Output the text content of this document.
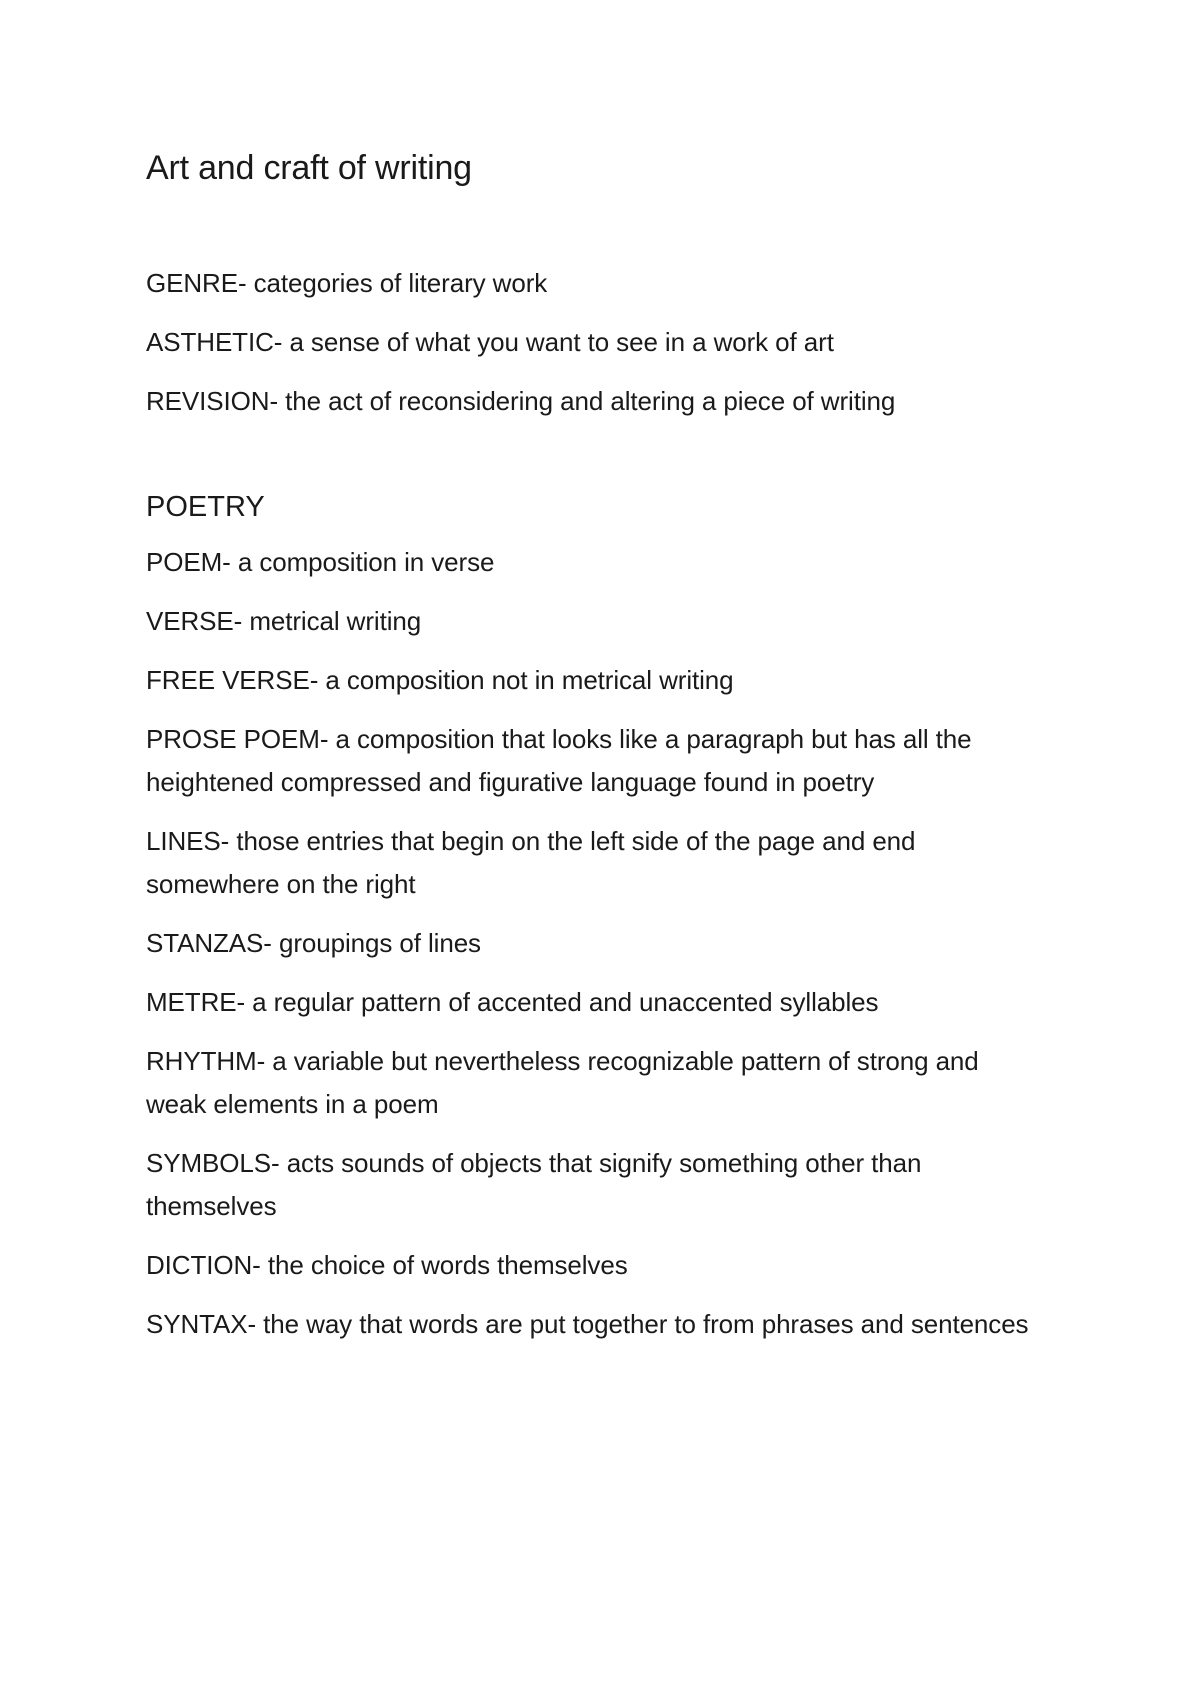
Art and craft of writing

GENRE- categories of literary work

ASTHETIC- a sense of what you want to see in a work of art

REVISION- the act of reconsidering and altering a piece of writing

POETRY

POEM- a composition in verse

VERSE- metrical writing

FREE VERSE- a composition not in metrical writing

PROSE POEM- a composition that looks like a paragraph but has all the heightened compressed and figurative language found in poetry

LINES- those entries that begin on the left side of the page and end somewhere on the right

STANZAS- groupings of lines

METRE- a regular pattern of accented and unaccented syllables

RHYTHM- a variable but nevertheless recognizable pattern of strong and weak elements in a poem

SYMBOLS- acts sounds of objects that signify something other than themselves

DICTION- the choice of words themselves

SYNTAX- the way that words are put together to from phrases and sentences
